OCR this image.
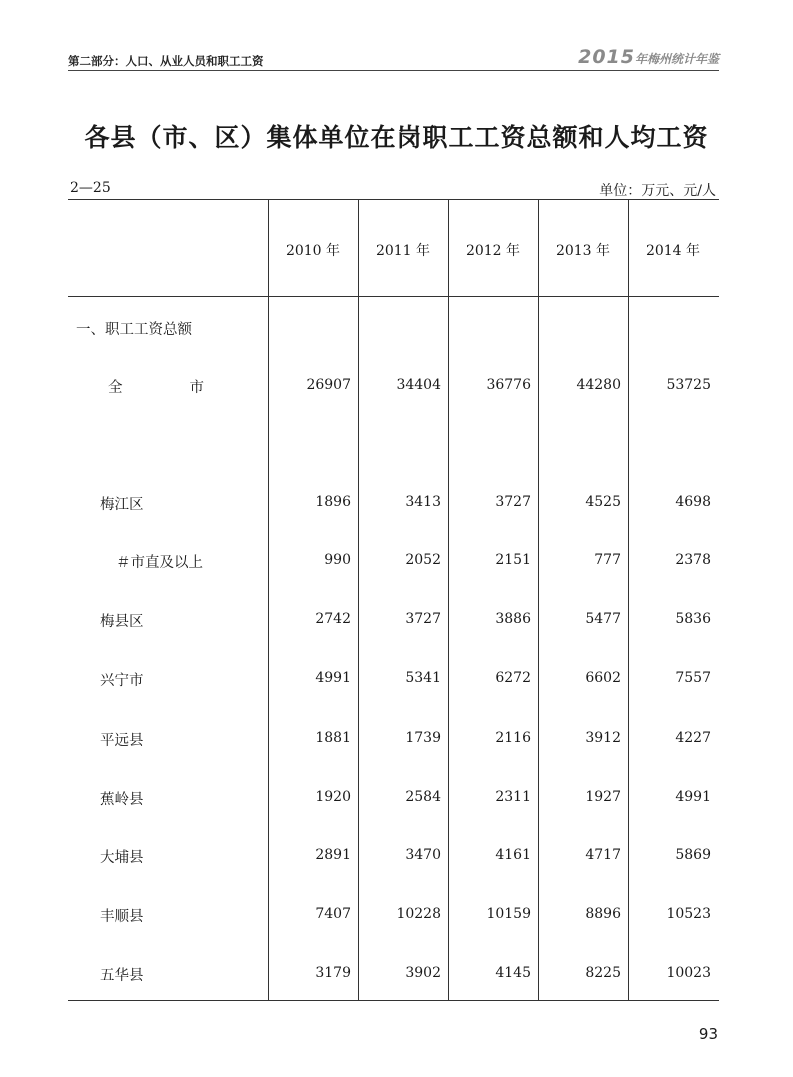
第二部分：人口、从业人员和职工工资	2015年梅州统计年鉴
各县（市、区）集体单位在岗职工工资总额和人均工资
2—25	单位：万元、元/人
2010 年	2011 年	2012 年	2013 年	2014 年
一、职工工资总额
全市	26907	34404	36776	44280	53725
梅江区	1896	3413	3727	4525	4698
＃市直及以上	990	2052	2151	777	2378
梅县区	2742	3727	3886	5477	5836
兴宁市	4991	5341	6272	6602	7557
平远县	1881	1739	2116	3912	4227
蕉岭县	1920	2584	2311	1927	4991
大埔县	2891	3470	4161	4717	5869
丰顺县	7407	10228	10159	8896	10523
五华县	3179	3902	4145	8225	10023
93
